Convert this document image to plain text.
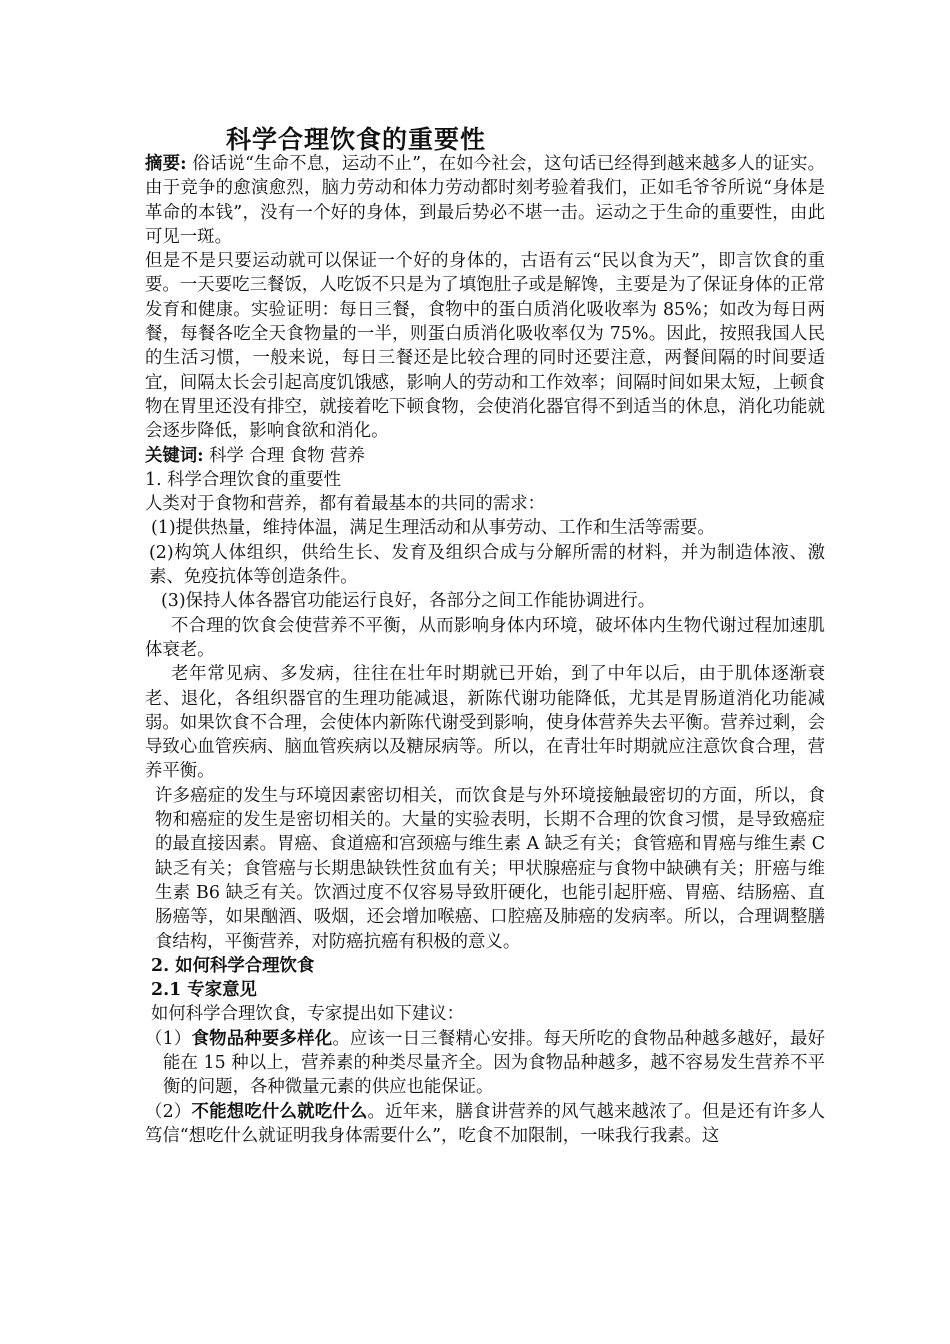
科学合理饮食的重要性

摘要: 俗话说“生命不息，运动不止”，在如今社会，这句话已经得到越来越多人的证实。由于竞争的愈演愈烈，脑力劳动和体力劳动都时刻考验着我们，正如毛爷爷所说“身体是革命的本钱”，没有一个好的身体，到最后势必不堪一击。运动之于生命的重要性，由此可见一斑。

但是不是只要运动就可以保证一个好的身体的，古语有云“民以食为天”，即言饮食的重要。一天要吃三餐饭，人吃饭不只是为了填饱肚子或是解馋，主要是为了保证身体的正常发育和健康。实验证明：每日三餐，食物中的蛋白质消化吸收率为 85%；如改为每日两餐，每餐各吃全天食物量的一半，则蛋白质消化吸收率仅为 75%。因此，按照我国人民的生活习惯，一般来说，每日三餐还是比较合理的同时还要注意，两餐间隔的时间要适宜，间隔太长会引起高度饥饿感，影响人的劳动和工作效率；间隔时间如果太短，上顿食物在胃里还没有排空，就接着吃下顿食物，会使消化器官得不到适当的休息，消化功能就会逐步降低，影响食欲和消化。

关键词: 科学 合理 食物 营养

1. 科学合理饮食的重要性

人类对于食物和营养，都有着最基本的共同的需求：

(1)提供热量，维持体温，满足生理活动和从事劳动、工作和生活等需要。

(2)构筑人体组织，供给生长、发育及组织合成与分解所需的材料，并为制造体液、激素、免疫抗体等创造条件。

(3)保持人体各器官功能运行良好，各部分之间工作能协调进行。

不合理的饮食会使营养不平衡，从而影响身体内环境，破坏体内生物代谢过程加速肌体衰老。

老年常见病、多发病，往往在壮年时期就已开始，到了中年以后，由于肌体逐渐衰老、退化，各组织器官的生理功能减退，新陈代谢功能降低，尤其是胃肠道消化功能减弱。如果饮食不合理，会使体内新陈代谢受到影响，使身体营养失去平衡。营养过剩，会导致心血管疾病、脑血管疾病以及糖尿病等。所以，在青壮年时期就应注意饮食合理，营养平衡。

许多癌症的发生与环境因素密切相关，而饮食是与外环境接触最密切的方面，所以，食物和癌症的发生是密切相关的。大量的实验表明，长期不合理的饮食习惯，是导致癌症的最直接因素。胃癌、食道癌和宫颈癌与维生素 A 缺乏有关；食管癌和胃癌与维生素 C 缺乏有关；食管癌与长期患缺铁性贫血有关；甲状腺癌症与食物中缺碘有关；肝癌与维生素 B6 缺乏有关。饮酒过度不仅容易导致肝硬化，也能引起肝癌、胃癌、结肠癌、直肠癌等，如果酗酒、吸烟，还会增加喉癌、口腔癌及肺癌的发病率。所以，合理调整膳食结构，平衡营养，对防癌抗癌有积极的意义。

2. 如何科学合理饮食

2.1 专家意见

如何科学合理饮食，专家提出如下建议：

（1）食物品种要多样化。应该一日三餐精心安排。每天所吃的食物品种越多越好，最好能在 15 种以上，营养素的种类尽量齐全。因为食物品种越多，越不容易发生营养不平衡的问题，各种微量元素的供应也能保证。

（2）不能想吃什么就吃什么。近年来，膳食讲营养的风气越来越浓了。但是还有许多人笃信“想吃什么就证明我身体需要什么”，吃食不加限制，一味我行我素。这
